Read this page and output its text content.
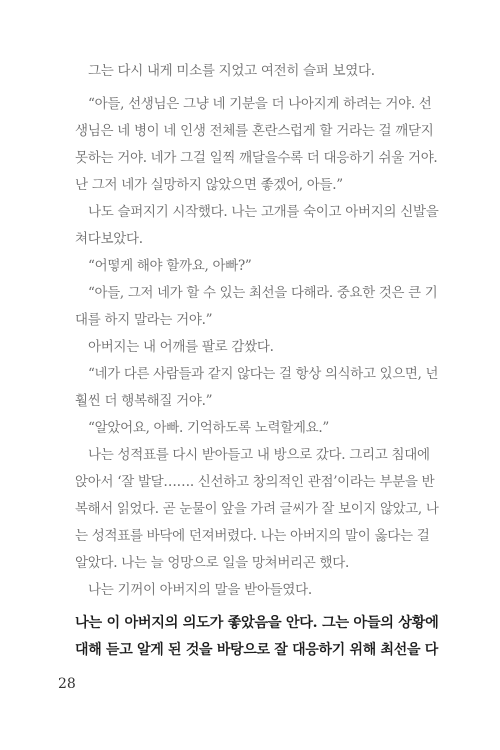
그는 다시 내게 미소를 지었고 여전히 슬퍼 보였다.
“아들, 선생님은 그냥 네 기분을 더 나아지게 하려는 거야. 선
생님은 네 병이 네 인생 전체를 혼란스럽게 할 거라는 걸 깨닫지
못하는 거야. 네가 그걸 일찍 깨달을수록 더 대응하기 쉬울 거야.
난 그저 네가 실망하지 않았으면 좋겠어, 아들.”
나도 슬퍼지기 시작했다. 나는 고개를 숙이고 아버지의 신발을
쳐다보았다.
“어떻게 해야 할까요, 아빠?”
“아들, 그저 네가 할 수 있는 최선을 다해라. 중요한 것은 큰 기
대를 하지 말라는 거야.”
아버지는 내 어깨를 팔로 감쌌다.
“네가 다른 사람들과 같지 않다는 걸 항상 의식하고 있으면, 넌
훨씬 더 행복해질 거야.”
“알았어요, 아빠. 기억하도록 노력할게요.”
나는 성적표를 다시 받아들고 내 방으로 갔다. 그리고 침대에
앉아서 ‘잘 발달……. 신선하고 창의적인 관점’이라는 부분을 반
복해서 읽었다. 곧 눈물이 앞을 가려 글씨가 잘 보이지 않았고, 나
는 성적표를 바닥에 던져버렸다. 나는 아버지의 말이 옳다는 걸
알았다. 나는 늘 엉망으로 일을 망쳐버리곤 했다.
나는 기꺼이 아버지의 말을 받아들였다.
나는 이 아버지의 의도가 좋았음을 안다. 그는 아들의 상황에
대해 듣고 알게 된 것을 바탕으로 잘 대응하기 위해 최선을 다
28
